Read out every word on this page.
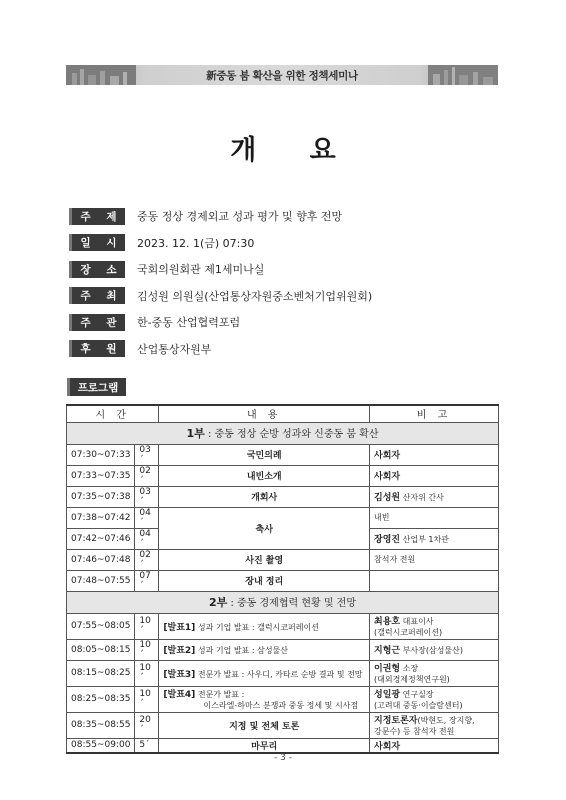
新중동 붐 확산을 위한 정책세미나
개 요
주 제 중동 정상 경제외교 성과 평가 및 향후 전망
일 시 2023. 12. 1(금) 07:30
장 소 국회의원회관 제1세미나실
주 최 김성원 의원실(산업통상자원중소벤처기업위원회)
주 관 한-중동 산업협력포럼
후 원 산업통상자원부
프로그램
시 간		내 용	비 고
1부 : 중동 정상 순방 성과와 신중동 붐 확산			
07:30~07:33	03´	국민의례	사회자
07:33~07:35	02´	내빈소개	사회자
07:35~07:38	03´	개회사	김성원 산자위 간사
07:38~07:42	04´	축사	내빈
07:42~07:46	04´		장영진 산업부 1차관
07:46~07:48	02´	사진 촬영	참석자 전원
07:48~07:55	07´	장내 정리	
2부 : 중동 경제협력 현황 및 전망			
07:55~08:05	10´	[발표1] 성과 기업 발표 : 갤럭시코퍼레이션	최용호 대표이사
(갤럭시코퍼레이션)
08:05~08:15	10´	[발표2] 성과 기업 발표 : 삼성물산	지형근 부사장(삼성물산)
08:15~08:25	10´	[발표3] 전문가 발표 : 사우디, 카타르 순방 결과 및 전망	이권형 소장
(대외경제정책연구원)
08:25~08:35	10´	[발표4] 전문가 발표 :
이스라엘-하마스 분쟁과 중동 정세 및 시사점	성일광 연구실장
(고려대 중동·이슬람센터)
08:35~08:55	20´	지정 및 전체 토론	지정토론자(박현도, 장지향,
강문수) 등 참석자 전원
08:55~09:00	5´	마무리	사회자
- 3 -
